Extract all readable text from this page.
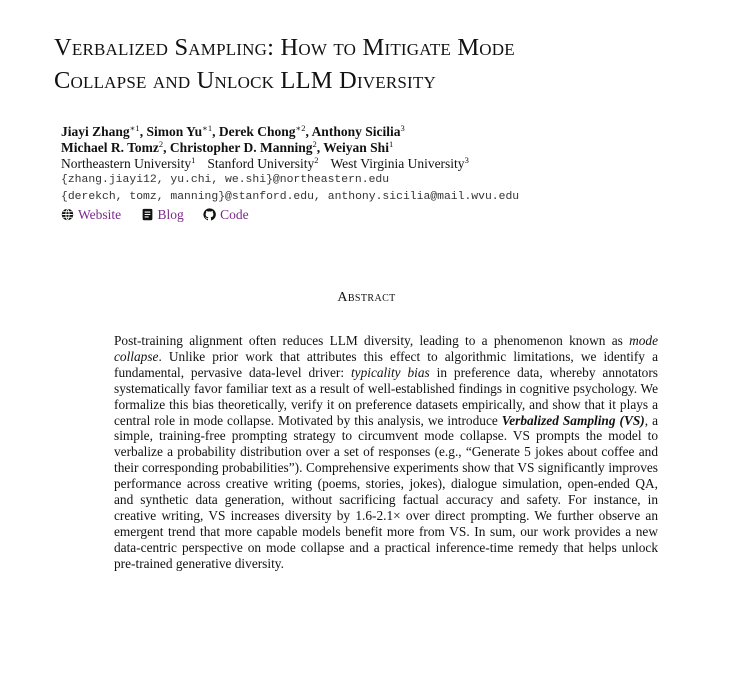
Verbalized Sampling: How to Mitigate Mode
Collapse and Unlock LLM Diversity
Jiayi Zhang$^{∗1}$, Simon $Yu^{∗1}$, Derek Chong$^{∗2}$, Anthony Sicilia$^3$
Michael R. Tomz$^2$, Christopher D. Manning$^2$, Weiyan Shi$^1$
Northeastern University$^1$ Stanford University$^2$ West Virginia University$^3$
{zhang.jiayi12, yu.chi, we.shi}@northeastern.edu
{derekch, tomz, manning}@stanford.edu, anthony.sicilia@mail.wvu.edu
Website	Blog	Code
Abstract
Post-training alignment often reduces LLM diversity, leading to a phenomenon known as mode collapse. Unlike prior work that attributes this effect to algorithmic limitations, we identify a fundamental, pervasive data-level driver: typicality bias in preference data, whereby annotators systematically favor familiar text as a result of well-established findings in cognitive psychology. We formalize this bias theoretically, verify it on preference datasets empirically, and show that it plays a central role in mode collapse. Motivated by this analysis, we introduce Verbalized Sampling (VS), a simple, training-free prompting strategy to circumvent mode collapse. VS prompts the model to verbalize a probability distribution over a set of responses (e.g., “Generate 5 jokes about coffee and their corresponding probabilities”). Comprehensive experiments show that VS significantly improves performance across creative writing (poems, stories, jokes), dialogue simulation, open-ended QA, and synthetic data generation, without sacrificing factual accuracy and safety. For instance, in creative writing, VS increases diversity by 1.6-2.1× over direct prompting. We further observe an emergent trend that more capable models benefit more from VS. In sum, our work provides a new data-centric perspective on mode collapse and a practical inference-time remedy that helps unlock pre-trained generative diversity.
